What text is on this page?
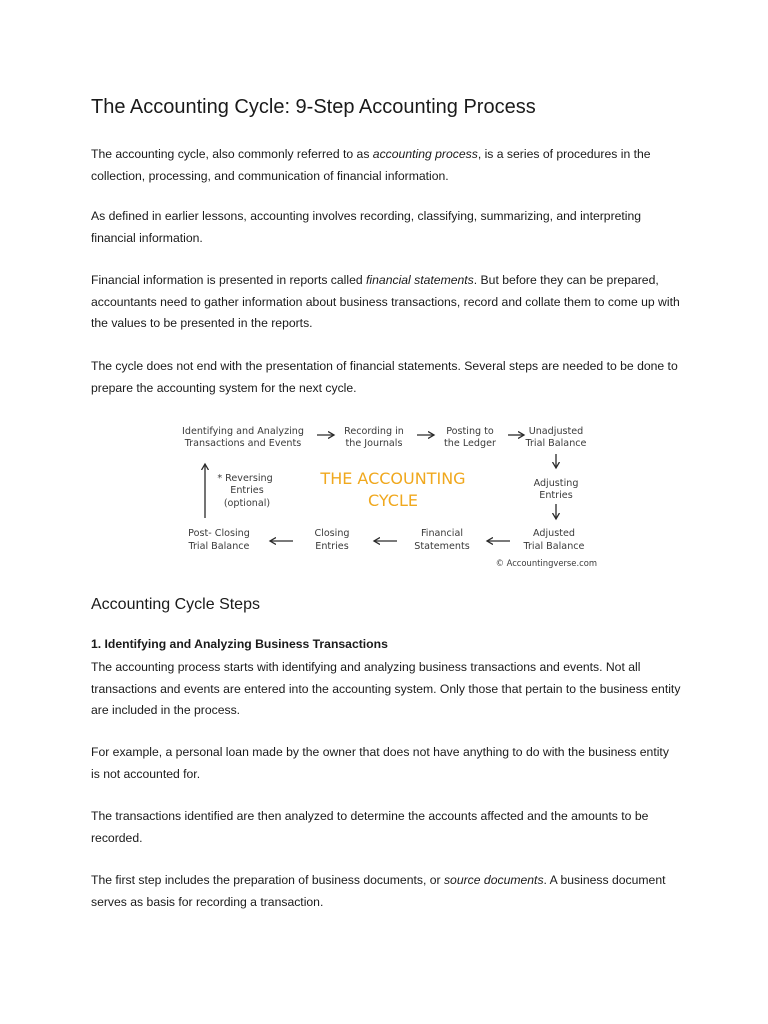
The Accounting Cycle: 9-Step Accounting Process

The accounting cycle, also commonly referred to as accounting process, is a series of procedures in the collection, processing, and communication of financial information.

As defined in earlier lessons, accounting involves recording, classifying, summarizing, and interpreting financial information.

Financial information is presented in reports called financial statements. But before they can be prepared, accountants need to gather information about business transactions, record and collate them to come up with the values to be presented in the reports.

The cycle does not end with the presentation of financial statements. Several steps are needed to be done to prepare the accounting system for the next cycle.

Identifying and Analyzing
Transactions and Events
Recording in
the Journals
Posting to
the Ledger
Unadjusted
Trial Balance
Adjusting
Entries
Adjusted
Trial Balance
Financial
Statements
Closing
Entries
Post- Closing
Trial Balance
* Reversing
Entries
(optional)
THE ACCOUNTING
CYCLE
© Accountingverse.com
Accounting Cycle Steps
1. Identifying and Analyzing Business Transactions

The accounting process starts with identifying and analyzing business transactions and events. Not all transactions and events are entered into the accounting system. Only those that pertain to the business entity are included in the process.

For example, a personal loan made by the owner that does not have anything to do with the business entity is not accounted for.

The transactions identified are then analyzed to determine the accounts affected and the amounts to be recorded.

The first step includes the preparation of business documents, or source documents. A business document serves as basis for recording a transaction.
